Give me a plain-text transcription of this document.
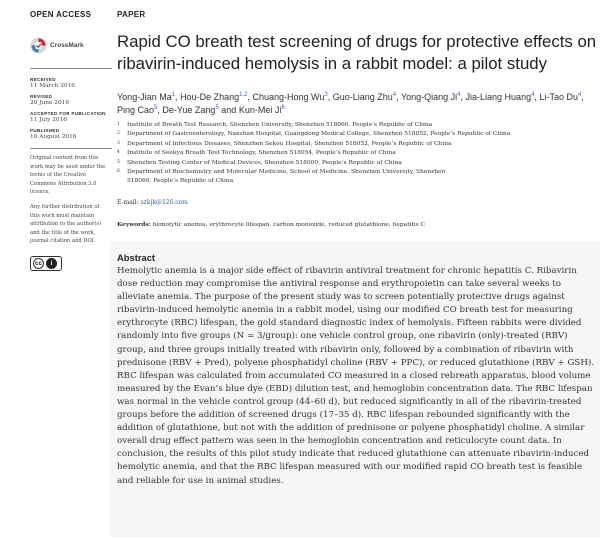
OPEN ACCESS
CrossMark
RECEIVED
11 March 2016
REVISED
20 June 2016
ACCEPTED FOR PUBLICATION
11 July 2016
PUBLISHED
10 August 2016
Original content from this work may be used under the terms of the Creative Commons Attribution 3.0 licence.
Any further distribution of this work must maintain attribution to the author(s) and the title of the work, journal citation and DOI.
cc	i
PAPER
Rapid CO breath test screening of drugs for protective effects on ribavirin-induced hemolysis in a rabbit model: a pilot study
Yong-Jian Ma$^1$, Hou-De Zhang$^{1,2}$, Chuang-Hong Wu$^3$, Guo-Liang Zhu$^4$, Yong-Qiang Ji$^4$, Jia-Liang Huang$^4$, Li-Tao Du$^4$, Ping Cao$^5$, De-Yue Zang$^5$ and Kun-Mei Ji$^6$
1 Institute of Breath Test Research, Shenzhen University, Shenzhen 518060, People’s Republic of China
2 Department of Gastroenterology, Nanshan Hospital, Guangdong Medical College, Shenzhen 518052, People’s Republic of China
3 Department of Infectious Diseases, Shenzhen Sekou Hospital, Shenzhen 518052, People’s Republic of China
4 Institute of Seekya Breath Test Technology, Shenzhen 518054, People’s Republic of China
5 Shenzhen Testing Center of Medical Devices, Shenzhen 518000, People’s Republic of China
6 Department of Biochemistry and Molecular Medicine, School of Medicine, Shenzhen University, Shenzhen 518060, People’s Republic of China
E-mail: szkjk@126.com
Keywords: hemolytic anemia, erythrocyte lifespan, carbon monoxide, reduced glutathione, hepatitis C
Abstract
Hemolytic anemia is a major side effect of ribavirin antiviral treatment for chronic hepatitis C. Ribavirin dose reduction may compromise the antiviral response and erythropoietin can take several weeks to alleviate anemia. The purpose of the present study was to screen potentially protective drugs against ribavirin-induced hemolytic anemia in a rabbit model, using our modified CO breath test for measuring erythrocyte (RBC) lifespan, the gold standard diagnostic index of hemolysis. Fifteen rabbits were divided randomly into five groups (N = 3/group): one vehicle control group, one ribavirin (only)-treated (RBV) group, and three groups initially treated with ribavirin only, followed by a combination of ribavirin with prednisone (RBV + Pred), polyene phosphatidyl choline (RBV + PPC), or reduced glutathione (RBV + GSH). RBC lifespan was calculated from accumulated CO measured in a closed rebreath apparatus, blood volume measured by the Evan’s blue dye (EBD) dilution test, and hemoglobin concentration data. The RBC lifespan was normal in the vehicle control group (44–60 d), but reduced significantly in all of the ribavirin-treated groups before the addition of screened drugs (17–35 d). RBC lifespan rebounded significantly with the addition of glutathione, but not with the addition of prednisone or polyene phosphatidyl choline. A similar overall drug effect pattern was seen in the hemoglobin concentration and reticulocyte count data. In conclusion, the results of this pilot study indicate that reduced glutathione can attenuate ribavirin-induced hemolytic anemia, and that the RBC lifespan measured with our modified rapid CO breath test is feasible and reliable for use in animal studies.
